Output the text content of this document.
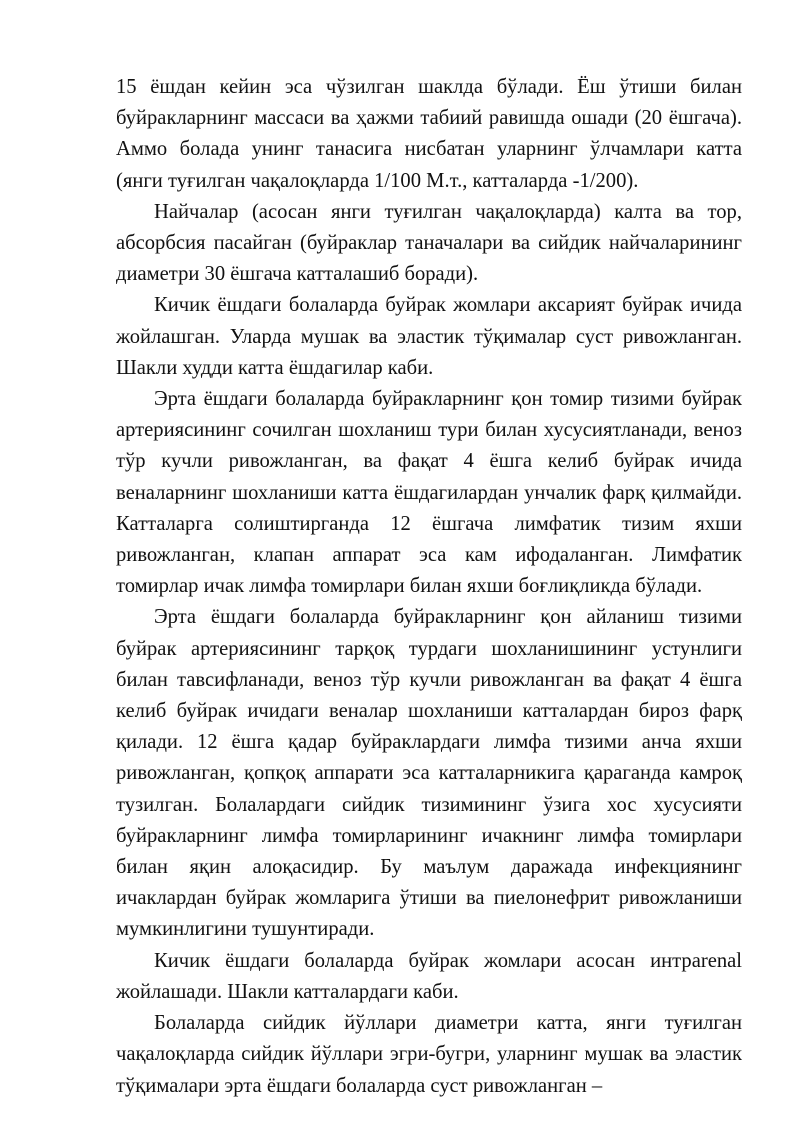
15 ёшдан кейин эса чўзилган шаклда бўлади. Ёш ўтиши билан буйракларнинг массаси ва ҳажми табиий равишда ошади (20 ёшгача). Аммо болада унинг танасига нисбатан уларнинг ўлчамлари катта (янги туғилган чақалоқларда 1/100 М.т., катталарда -1/200).

Найчалар (асосан янги туғилган чақалоқларда) калта ва тор, абсорбсия пасайган (буйраклар таначалари ва сийдик найчаларининг диаметри 30 ёшгача катталашиб боради).

Кичик ёшдаги болаларда буйрак жомлари аксарият буйрак ичида жойлашган. Уларда мушак ва эластик тўқималар суст ривожланган. Шакли худди катта ёшдагилар каби.

Эрта ёшдаги болаларда буйракларнинг қон томир тизими буйрак артериясининг сочилган шохланиш тури билан хусусиятланади, веноз тўр кучли ривожланган, ва фақат 4 ёшга келиб буйрак ичида веналарнинг шохланиши катта ёшдагилардан унчалик фарқ қилмайди. Катталарга солиштирганда 12 ёшгача лимфатик тизим яхши ривожланган, клапан аппарат эса кам ифодаланган. Лимфатик томирлар ичак лимфа томирлари билан яхши боғлиқликда бўлади.

Эрта ёшдаги болаларда буйракларнинг қон айланиш тизими буйрак артериясининг тарқоқ турдаги шохланишининг устунлиги билан тавсифланади, веноз тўр кучли ривожланган ва фақат 4 ёшга келиб буйрак ичидаги веналар шохланиши катталардан бироз фарқ қилади. 12 ёшга қадар буйраклардаги лимфа тизими анча яхши ривожланган, қопқоқ аппарати эса катталарникига қараганда камроқ тузилган. Болалардаги сийдик тизимининг ўзига хос хусусияти буйракларнинг лимфа томирларининг ичакнинг лимфа томирлари билан яқин алоқасидир. Бу маълум даражада инфекциянинг ичаклардан буйрак жомларига ўтиши ва пиелонефрит ривожланиши мумкинлигини тушунтиради.

Кичик ёшдаги болаларда буйрак жомлари асосан интрarenal жойлашади. Шакли катталардаги каби.

Болаларда сийдик йўллари диаметри катта, янги туғилган чақалоқларда сийдик йўллари эгри-бугри, уларнинг мушак ва эластик тўқималари эрта ёшдаги болаларда суст ривожланган –
